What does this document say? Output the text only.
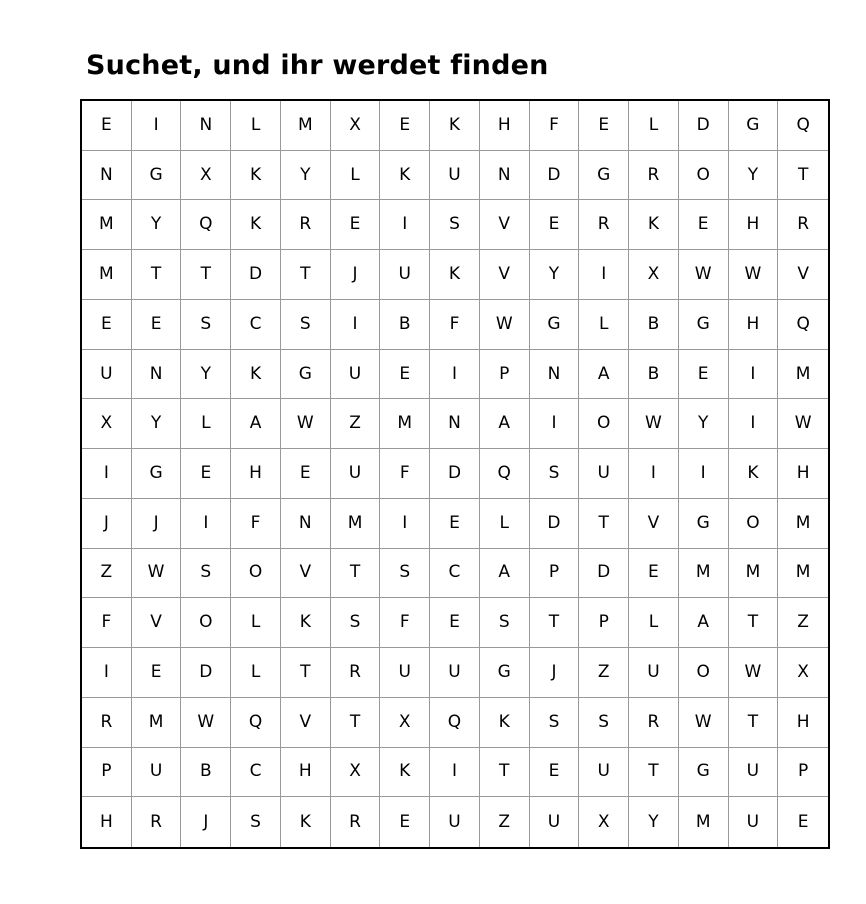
Suchet, und ihr werdet finden
E	I	N	L	M	X	E	K	H	F	E	L	D	G	Q
N	G	X	K	Y	L	K	U	N	D	G	R	O	Y	T
M	Y	Q	K	R	E	I	S	V	E	R	K	E	H	R
M	T	T	D	T	J	U	K	V	Y	I	X	W	W	V
E	E	S	C	S	I	B	F	W	G	L	B	G	H	Q
U	N	Y	K	G	U	E	I	P	N	A	B	E	I	M
X	Y	L	A	W	Z	M	N	A	I	O	W	Y	I	W
I	G	E	H	E	U	F	D	Q	S	U	I	I	K	H
J	J	I	F	N	M	I	E	L	D	T	V	G	O	M
Z	W	S	O	V	T	S	C	A	P	D	E	M	M	M
F	V	O	L	K	S	F	E	S	T	P	L	A	T	Z
I	E	D	L	T	R	U	U	G	J	Z	U	O	W	X
R	M	W	Q	V	T	X	Q	K	S	S	R	W	T	H
P	U	B	C	H	X	K	I	T	E	U	T	G	U	P
H	R	J	S	K	R	E	U	Z	U	X	Y	M	U	E
